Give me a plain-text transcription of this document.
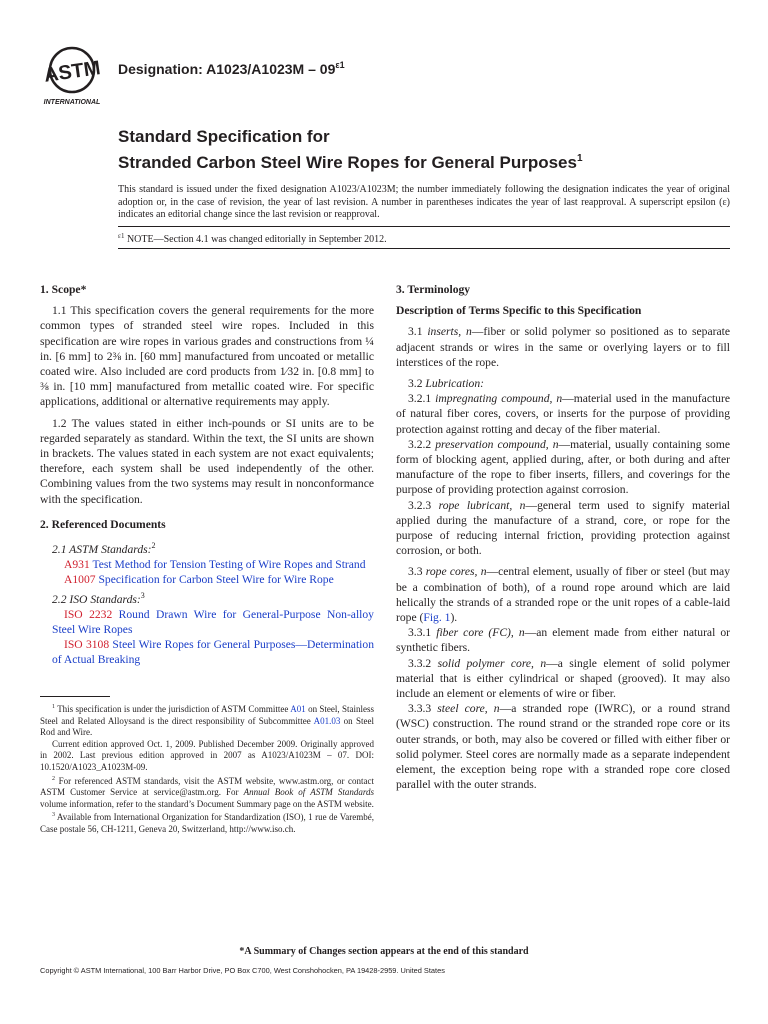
ASTM
INTERNATIONAL
Designation: $A1023/A1023M - 09^{\varepsilon 1}$
Standard Specification for
Stranded Carbon Steel Wire Ropes for General Purposes$^1$
This standard is issued under the fixed designation A1023/A1023M; the number immediately following the designation indicates the year of original adoption or, in the case of revision, the year of last revision. A number in parentheses indicates the year of last reapproval. A superscript epsilon (ε) indicates an editorial change since the last revision or reapproval.
$^{\varepsilon 1}$ NOTE—Section 4.1 was changed editorially in September 2012.
1. Scope*

1.1 This specification covers the general requirements for the more common types of stranded steel wire ropes. Included in this specification are wire ropes in various grades and constructions from ¼ in. [6 mm] to 2⅜ in. [60 mm] manufactured from uncoated or metallic coated wire. Also included are cord products from 1⁄32 in. [0.8 mm] to ⅜ in. [10 mm] manufactured from metallic coated wire. For specific applications, additional or alternative requirements may apply.

1.2 The values stated in either inch-pounds or SI units are to be regarded separately as standard. Within the text, the SI units are shown in brackets. The values stated in each system are not exact equivalents; therefore, each system shall be used independently of the other. Combining values from the two systems may result in nonconformance with the specification.

2. Referenced Documents

2.1 ASTM Standards:$^2$

A931 Test Method for Tension Testing of Wire Ropes and Strand

A1007 Specification for Carbon Steel Wire for Wire Rope

2.2 ISO Standards:$^3$

ISO 2232 Round Drawn Wire for General-Purpose Non-alloy Steel Wire Ropes

ISO 3108 Steel Wire Ropes for General Purposes—Determination of Actual Breaking

$^1$ This specification is under the jurisdiction of ASTM Committee A01 on Steel, Stainless Steel and Related Alloysand is the direct responsibility of Subcommittee A01.03 on Steel Rod and Wire.

Current edition approved Oct. 1, 2009. Published December 2009. Originally approved in 2002. Last previous edition approved in 2007 as A1023/A1023M – 07. DOI: 10.1520/A1023_A1023M-09.

$^2$ For referenced ASTM standards, visit the ASTM website, www.astm.org, or contact ASTM Customer Service at service@astm.org. For Annual Book of ASTM Standards volume information, refer to the standard’s Document Summary page on the ASTM website.

$^3$ Available from International Organization for Standardization (ISO), 1 rue de Varembé, Case postale 56, CH-1211, Geneva 20, Switzerland, http://www.iso.ch.

3. Terminology

Description of Terms Specific to this Specification

3.1 inserts, n—fiber or solid polymer so positioned as to separate adjacent strands or wires in the same or overlying layers or to fill interstices of the rope.

3.2 Lubrication:

3.2.1 impregnating compound, n—material used in the manufacture of natural fiber cores, covers, or inserts for the purpose of providing protection against rotting and decay of the fiber material.

3.2.2 preservation compound, n—material, usually containing some form of blocking agent, applied during, after, or both during and after manufacture of the rope to fiber inserts, fillers, and coverings for the purpose of providing protection against corrosion.

3.2.3 rope lubricant, n—general term used to signify material applied during the manufacture of a strand, core, or rope for the purpose of reducing internal friction, providing protection against corrosion, or both.

3.3 rope cores, n—central element, usually of fiber or steel (but may be a combination of both), of a round rope around which are laid helically the strands of a stranded rope or the unit ropes of a cable-laid rope (Fig. 1).

3.3.1 fiber core (FC), n—an element made from either natural or synthetic fibers.

3.3.2 solid polymer core, n—a single element of solid polymer material that is either cylindrical or shaped (grooved). It may also include an element or elements of wire or fiber.

3.3.3 steel core, n—a stranded rope (IWRC), or a round strand (WSC) construction. The round strand or the stranded rope core or its outer strands, or both, may also be covered or filled with either fiber or solid polymer. Steel cores are normally made as a separate independent element, the exception being rope with a stranded rope core closed parallel with the outer strands.

*A Summary of Changes section appears at the end of this standard
Copyright © ASTM International, 100 Barr Harbor Drive, PO Box C700, West Conshohocken, PA 19428-2959. United States
